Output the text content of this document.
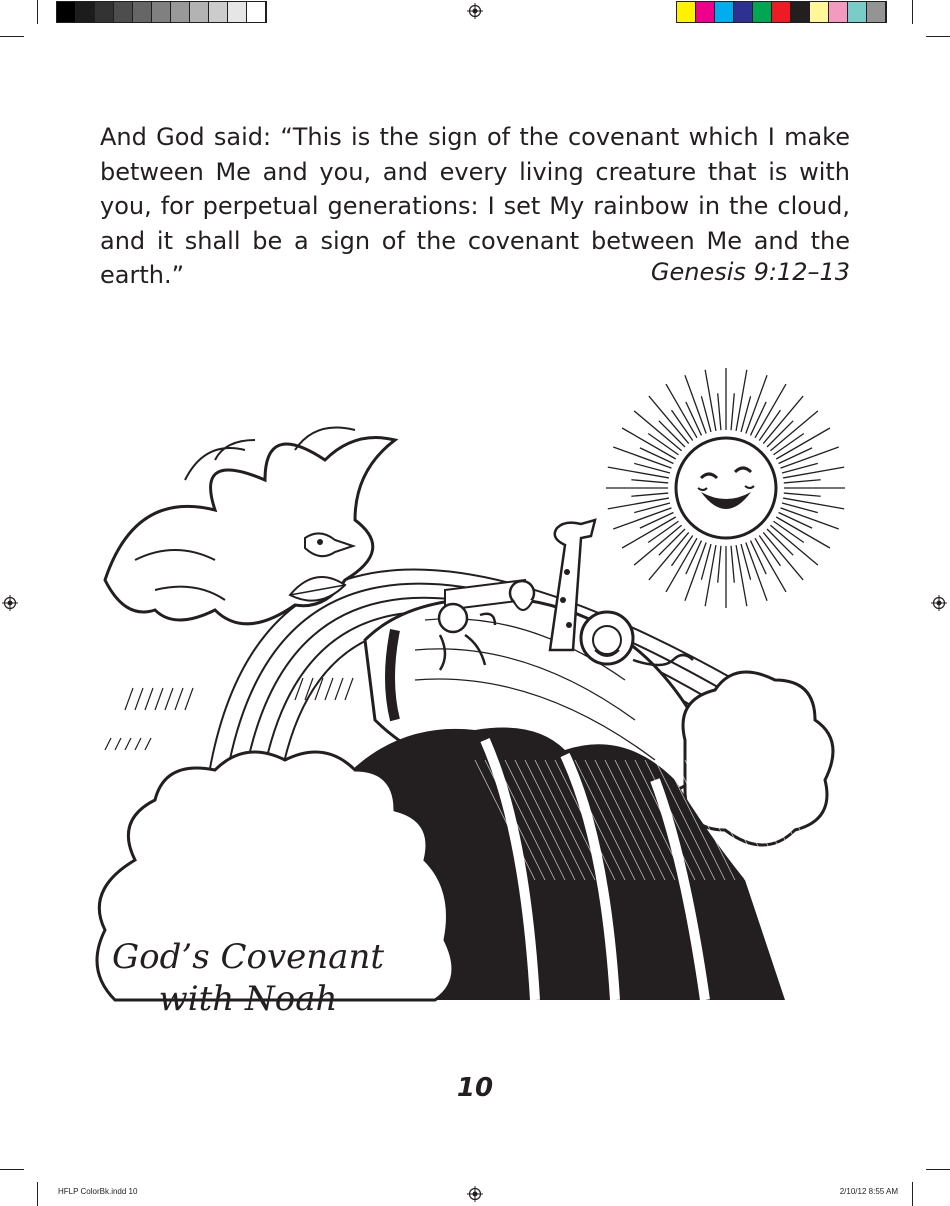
And God said: “This is the sign of the covenant which I make between Me and you, and every living creature that is with you, for perpetual generations: I set My rainbow in the cloud, and it shall be a sign of the covenant between Me and the earth.”	Genesis 9:12–13
God’s Covenant
with Noah
10
HFLP ColorBk.indd 10	2/10/12 8:55 AM
